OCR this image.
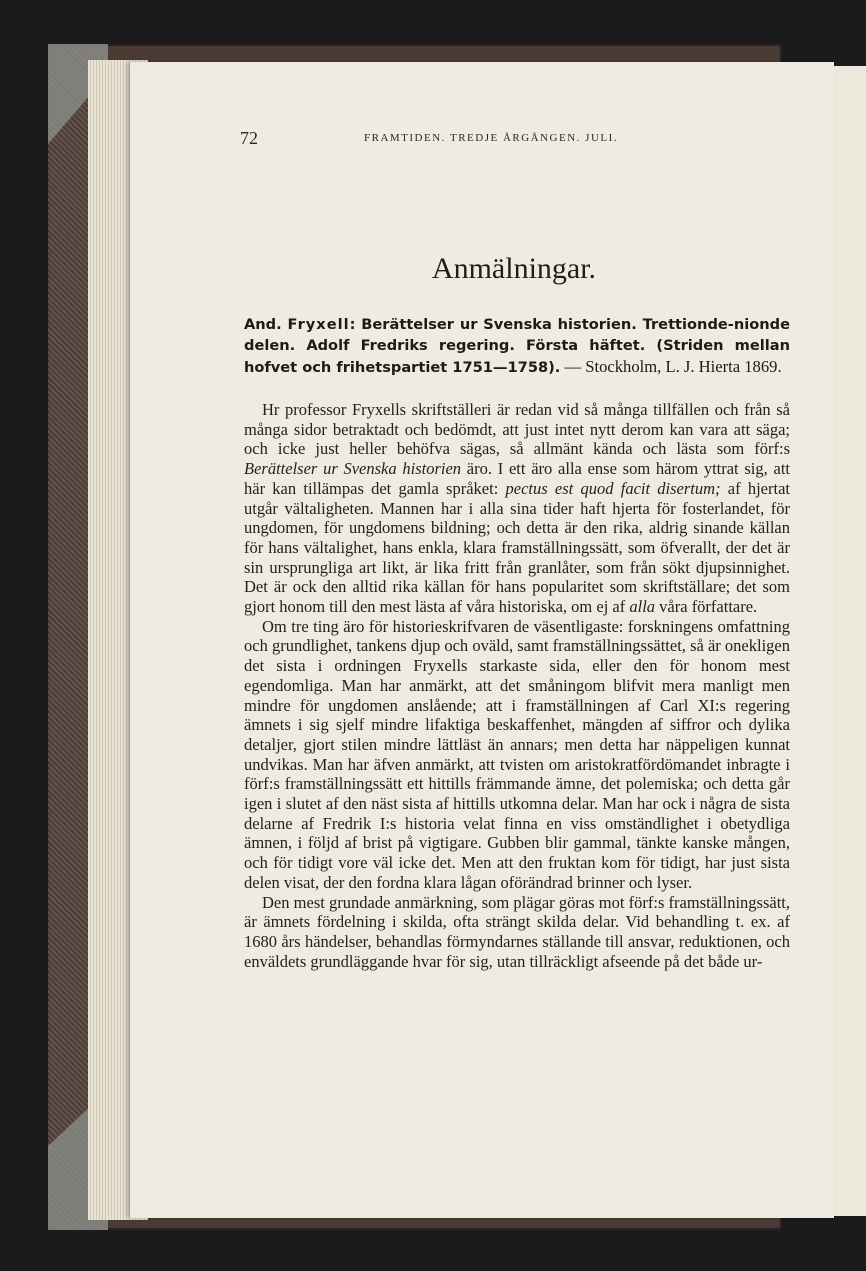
72	FRAMTIDEN. TREDJE ÅRGÅNGEN. JULI.
Anmälningar.
And. Fryxell: Berättelser ur Svenska historien. Trettionde-nionde delen. Adolf Fredriks regering. Första häftet. (Striden mellan hofvet och frihetspartiet 1751—1758). — Stockholm, L. J. Hierta 1869.

Hr professor Fryxells skriftställeri är redan vid så många tillfällen och från så många sidor betraktadt och bedömdt, att just intet nytt derom kan vara att säga; och icke just heller behöfva sägas, så allmänt kända och lästa som förf:s Berättelser ur Svenska historien äro. I ett äro alla ense som härom yttrat sig, att här kan tillämpas det gamla språket: pectus est quod facit disertum; af hjertat utgår vältaligheten. Mannen har i alla sina tider haft hjerta för fosterlandet, för ungdomen, för ungdomens bildning; och detta är den rika, aldrig sinande källan för hans vältalighet, hans enkla, klara framställningssätt, som öfverallt, der det är sin ursprungliga art likt, är lika fritt från granlåter, som från sökt djupsinnighet. Det är ock den alltid rika källan för hans popularitet som skriftställare; det som gjort honom till den mest lästa af våra historiska, om ej af alla våra författare.

Om tre ting äro för historieskrifvaren de väsentligaste: forskningens omfattning och grundlighet, tankens djup och oväld, samt framställningssättet, så är onekligen det sista i ordningen Fryxells starkaste sida, eller den för honom mest egendomliga. Man har anmärkt, att det småningom blifvit mera manligt men mindre för ungdomen anslående; att i framställningen af Carl XI:s regering ämnets i sig sjelf mindre lifaktiga beskaffenhet, mängden af siffror och dylika detaljer, gjort stilen mindre lättläst än annars; men detta har näppeligen kunnat undvikas. Man har äfven anmärkt, att tvisten om aristokratfördömandet inbragte i förf:s framställningssätt ett hittills främmande ämne, det polemiska; och detta går igen i slutet af den näst sista af hittills utkomna delar. Man har ock i några de sista delarne af Fredrik I:s historia velat finna en viss omständlighet i obetydliga ämnen, i följd af brist på vigtigare. Gubben blir gammal, tänkte kanske mången, och för tidigt vore väl icke det. Men att den fruktan kom för tidigt, har just sista delen visat, der den fordna klara lågan oförändrad brinner och lyser.

Den mest grundade anmärkning, som plägar göras mot förf:s framställningssätt, är ämnets fördelning i skilda, ofta strängt skilda delar. Vid behandling t. ex. af 1680 års händelser, behandlas förmyndarnes ställande till ansvar, reduktionen, och enväldets grundläggande hvar för sig, utan tillräckligt afseende på det både ur-
